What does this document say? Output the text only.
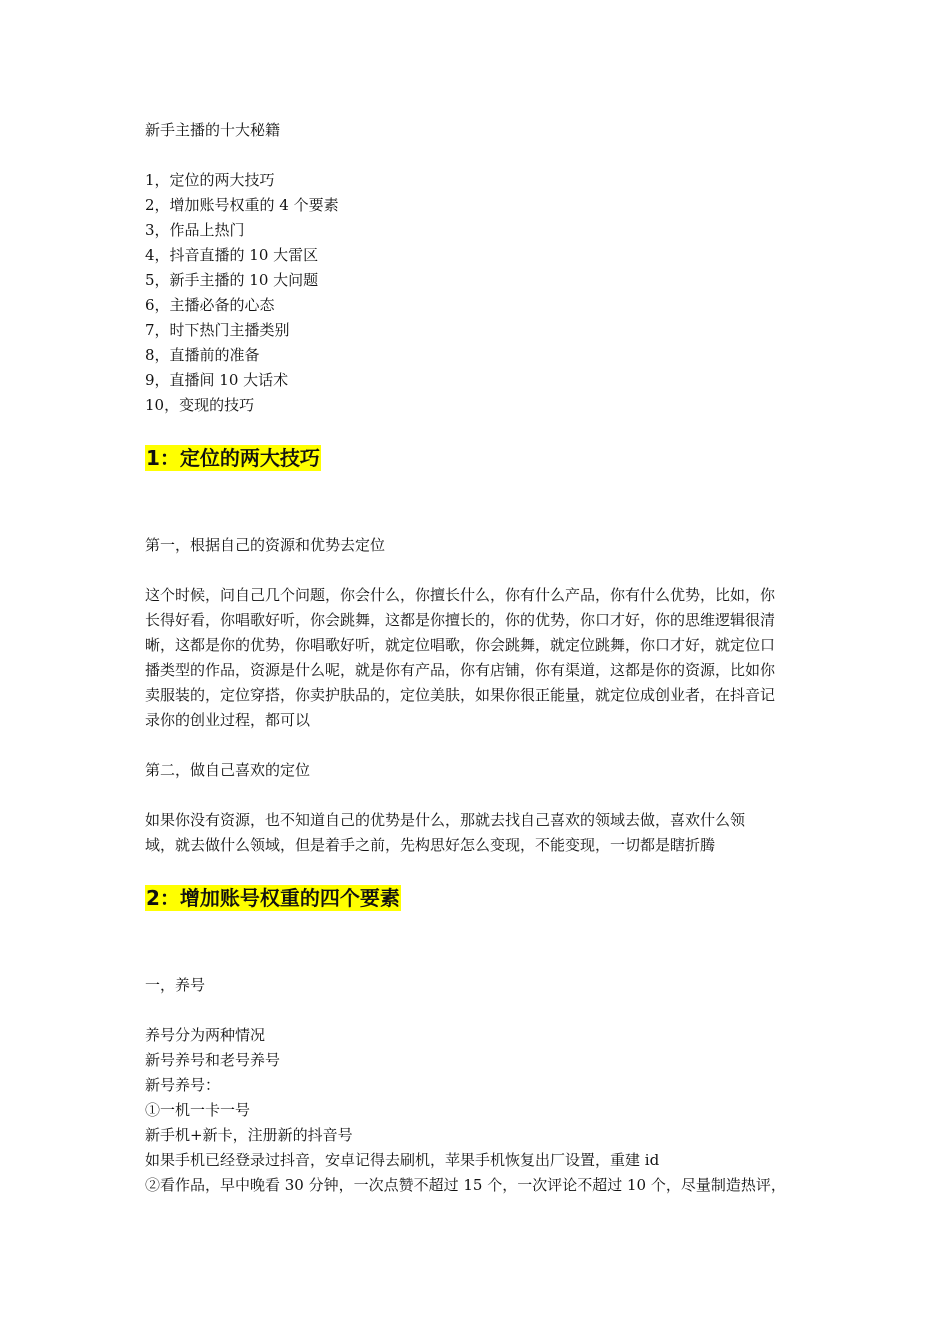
新手主播的十大秘籍
1，定位的两大技巧
2，增加账号权重的 4 个要素
3，作品上热门
4，抖音直播的 10 大雷区
5，新手主播的 10 大问题
6，主播必备的心态
7，时下热门主播类别
8，直播前的准备
9，直播间 10 大话术
10，变现的技巧
1：定位的两大技巧
第一，根据自己的资源和优势去定位
这个时候，问自己几个问题，你会什么，你擅长什么，你有什么产品，你有什么优势，比如，你
长得好看，你唱歌好听，你会跳舞，这都是你擅长的，你的优势，你口才好，你的思维逻辑很清
晰，这都是你的优势，你唱歌好听，就定位唱歌，你会跳舞，就定位跳舞，你口才好，就定位口
播类型的作品，资源是什么呢，就是你有产品，你有店铺，你有渠道，这都是你的资源，比如你
卖服装的，定位穿搭，你卖护肤品的，定位美肤，如果你很正能量，就定位成创业者，在抖音记
录你的创业过程，都可以
第二，做自己喜欢的定位
如果你没有资源，也不知道自己的优势是什么，那就去找自己喜欢的领域去做，喜欢什么领
域，就去做什么领域，但是着手之前，先构思好怎么变现，不能变现，一切都是瞎折腾
2：增加账号权重的四个要素
一，养号
养号分为两种情况
新号养号和老号养号
新号养号：
①一机一卡一号
新手机+新卡，注册新的抖音号
如果手机已经登录过抖音，安卓记得去刷机，苹果手机恢复出厂设置，重建 id
②看作品，早中晚看 30 分钟，一次点赞不超过 15 个，一次评论不超过 10 个，尽量制造热评，
